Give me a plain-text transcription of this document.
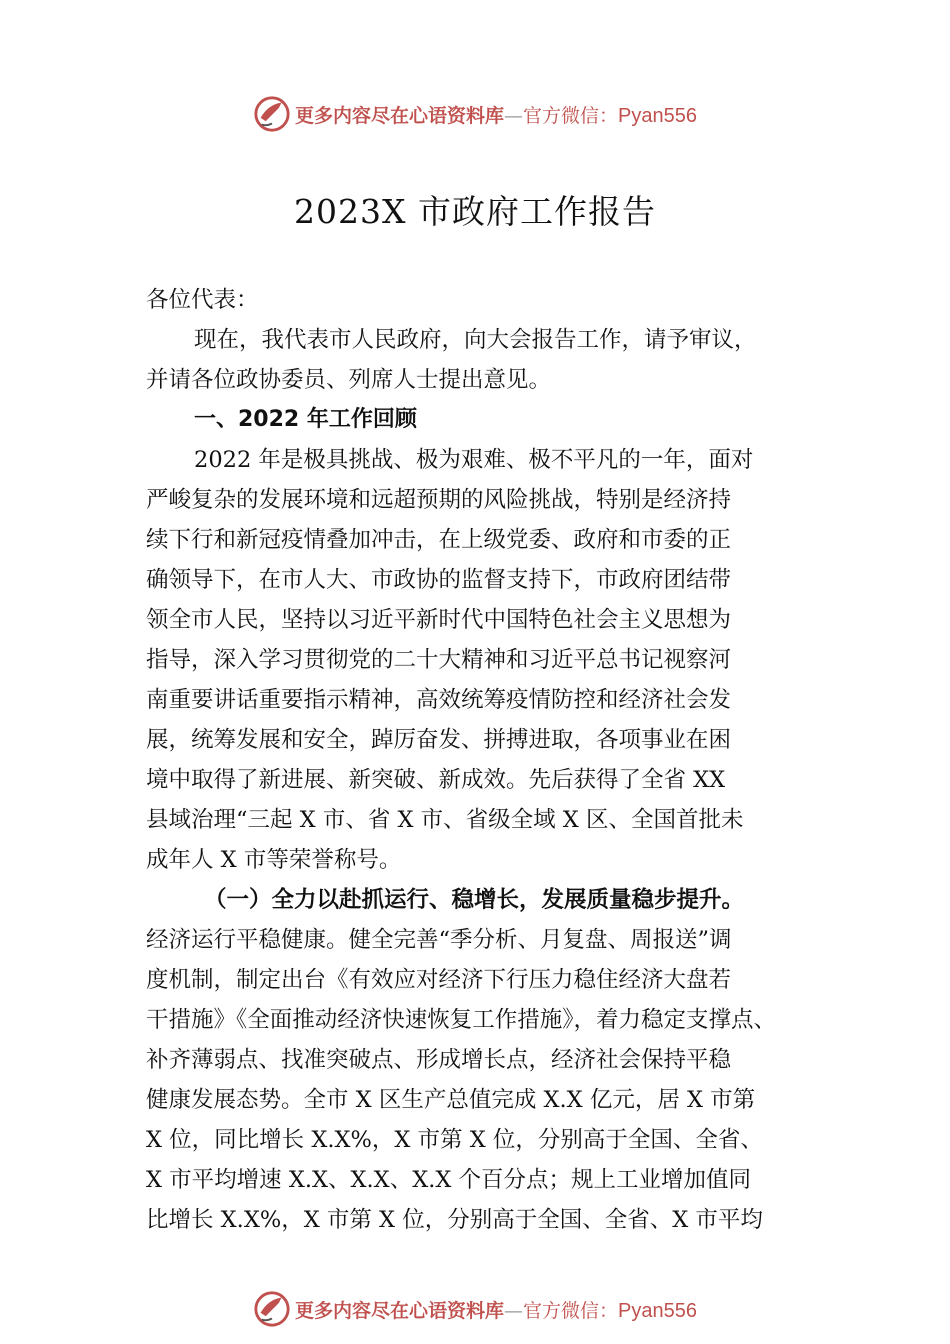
更多内容尽在心语资料库—官方微信：Pyan556
2023X 市政府工作报告
各位代表：
现在，我代表市人民政府，向大会报告工作，请予审议，
并请各位政协委员、列席人士提出意见。
一、2022 年工作回顾
2022 年是极具挑战、极为艰难、极不平凡的一年，面对
严峻复杂的发展环境和远超预期的风险挑战，特别是经济持
续下行和新冠疫情叠加冲击，在上级党委、政府和市委的正
确领导下，在市人大、市政协的监督支持下，市政府团结带
领全市人民，坚持以习近平新时代中国特色社会主义思想为
指导，深入学习贯彻党的二十大精神和习近平总书记视察河
南重要讲话重要指示精神，高效统筹疫情防控和经济社会发
展，统筹发展和安全，踔厉奋发、拼搏进取，各项事业在困
境中取得了新进展、新突破、新成效。先后获得了全省 XX
县域治理“三起 X 市、省 X 市、省级全域 X 区、全国首批未
成年人 X 市等荣誉称号。
（一）全力以赴抓运行、稳增长，发展质量稳步提升。
经济运行平稳健康。健全完善“季分析、月复盘、周报送”调
度机制，制定出台《有效应对经济下行压力稳住经济大盘若
干措施》《全面推动经济快速恢复工作措施》，着力稳定支撑点、
补齐薄弱点、找准突破点、形成增长点，经济社会保持平稳
健康发展态势。全市 X 区生产总值完成 X.X 亿元，居 X 市第
X 位，同比增长 X.X%，X 市第 X 位，分别高于全国、全省、
X 市平均增速 X.X、X.X、X.X 个百分点；规上工业增加值同
比增长 X.X%，X 市第 X 位，分别高于全国、全省、X 市平均
更多内容尽在心语资料库—官方微信：Pyan556
